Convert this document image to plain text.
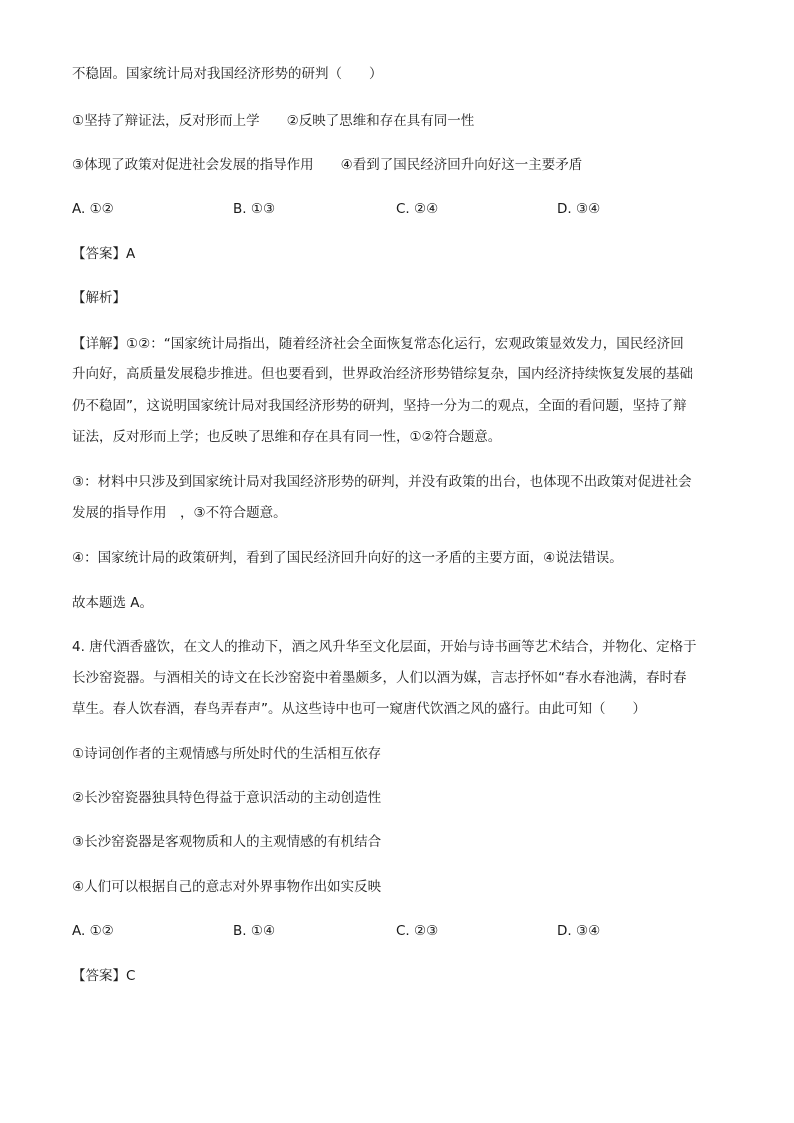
不稳固。国家统计局对我国经济形势的研判（　　）
①坚持了辩证法，反对形而上学　　②反映了思维和存在具有同一性
③体现了政策对促进社会发展的指导作用　　④看到了国民经济回升向好这一主要矛盾
A. ①②	B. ①③	C. ②④	D. ③④
【答案】A
【解析】
【详解】①②：“国家统计局指出，随着经济社会全面恢复常态化运行，宏观政策显效发力，国民经济回
升向好，高质量发展稳步推进。但也要看到，世界政治经济形势错综复杂，国内经济持续恢复发展的基础
仍不稳固”，这说明国家统计局对我国经济形势的研判，坚持一分为二的观点，全面的看问题，坚持了辩
证法，反对形而上学；也反映了思维和存在具有同一性，①②符合题意。
③：材料中只涉及到国家统计局对我国经济形势的研判，并没有政策的出台，也体现不出政策对促进社会
发展的指导作用　，③不符合题意。
④：国家统计局的政策研判，看到了国民经济回升向好的这一矛盾的主要方面，④说法错误。
故本题选 A。
4. 唐代酒香盛饮，在文人的推动下，酒之风升华至文化层面，开始与诗书画等艺术结合，并物化、定格于
长沙窑瓷器。与酒相关的诗文在长沙窑瓷中着墨颇多，人们以酒为媒，言志抒怀如“春水春池满，春时春
草生。春人饮春酒，春鸟弄春声”。从这些诗中也可一窥唐代饮酒之风的盛行。由此可知（　　）
①诗词创作者的主观情感与所处时代的生活相互依存
②长沙窑瓷器独具特色得益于意识活动的主动创造性
③长沙窑瓷器是客观物质和人的主观情感的有机结合
④人们可以根据自己的意志对外界事物作出如实反映
A. ①②	B. ①④	C. ②③	D. ③④
【答案】C
